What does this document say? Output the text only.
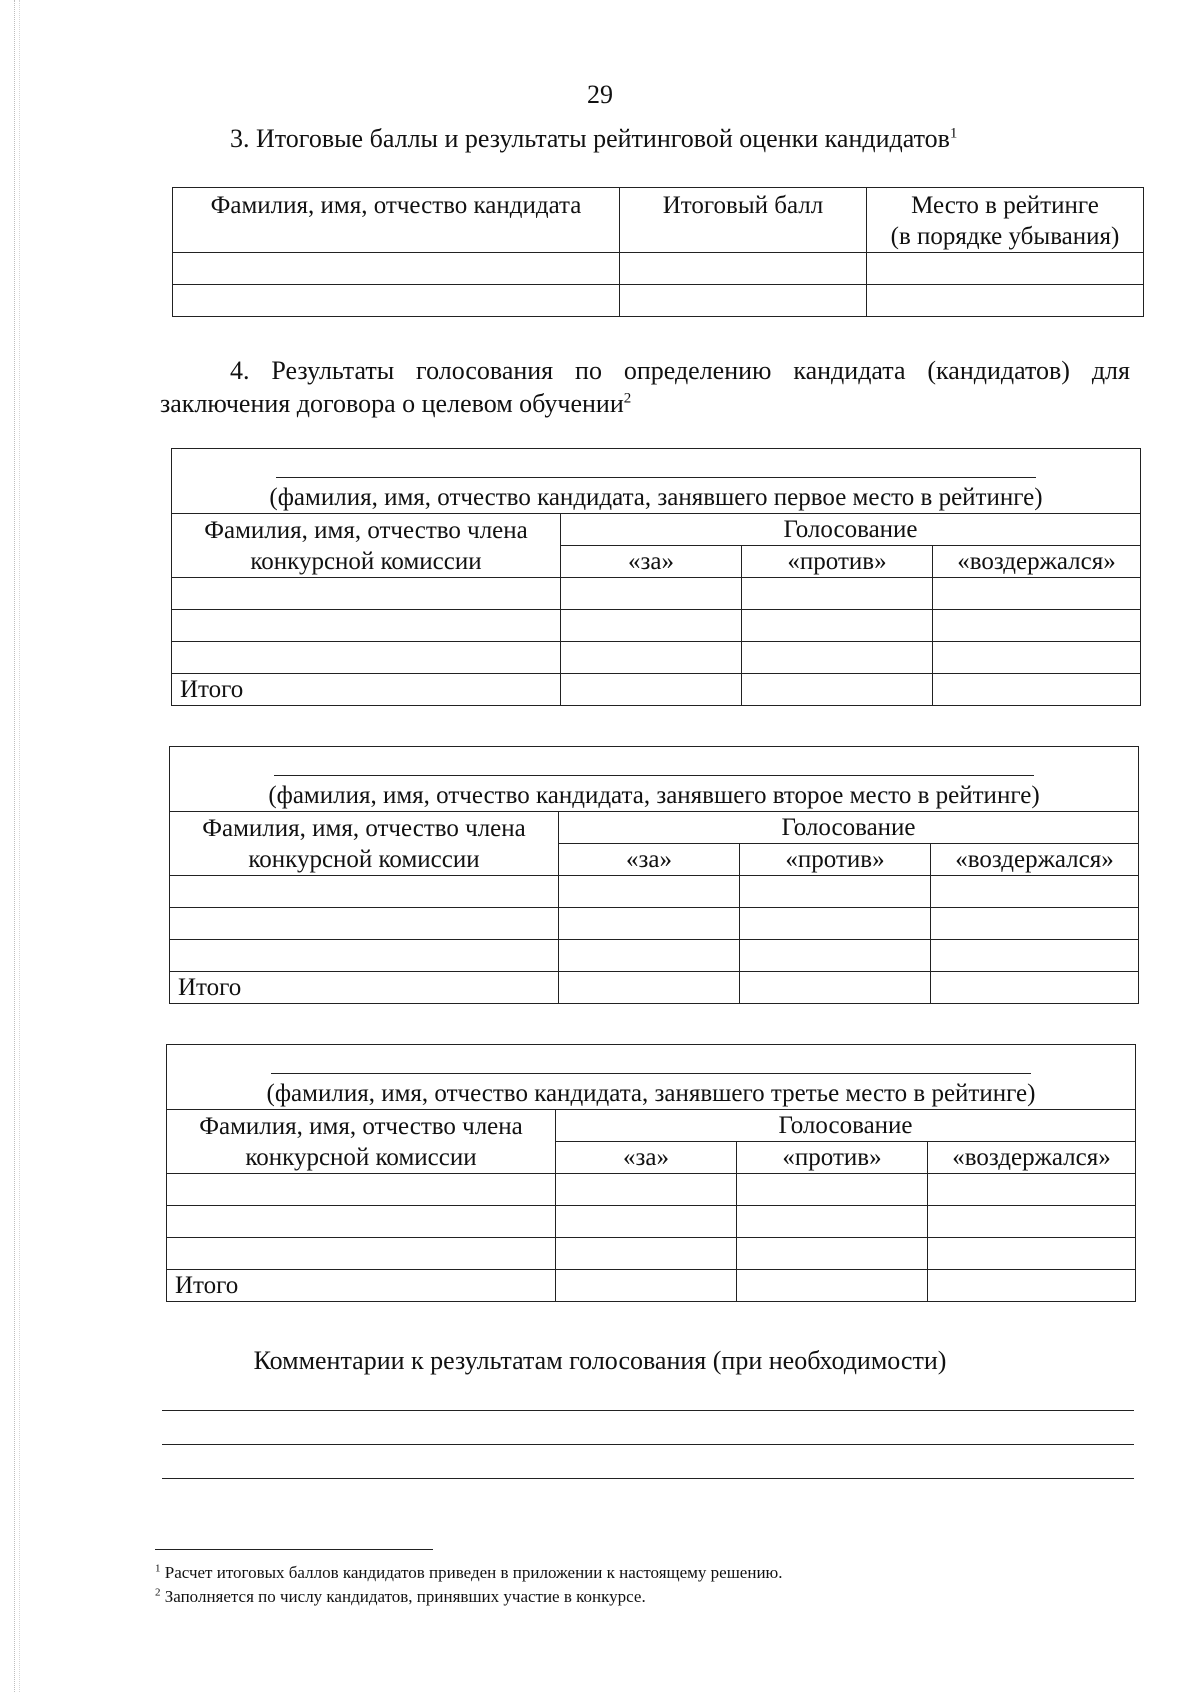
29
3. Итоговые баллы и результаты рейтинговой оценки кандидатов$^1$
Фамилия, имя, отчество кандидата	Итоговый балл	Место в рейтинге
(в порядке убывания)

4. Результаты голосования по определению кандидата (кандидатов) для
заключения договора о целевом обучении$^2$
(фамилия, имя, отчество кандидата, занявшего первое место в рейтинге)			
Фамилия, имя, отчество члена
конкурсной комиссии	Голосование		
	«за»	«против»	«воздержался»

Итого			
(фамилия, имя, отчество кандидата, занявшего второе место в рейтинге)			
Фамилия, имя, отчество члена
конкурсной комиссии	Голосование		
	«за»	«против»	«воздержался»

Итого			
(фамилия, имя, отчество кандидата, занявшего третье место в рейтинге)			
Фамилия, имя, отчество члена
конкурсной комиссии	Голосование		
	«за»	«против»	«воздержался»

Итого			
Комментарии к результатам голосования (при необходимости)
$^1$ Расчет итоговых баллов кандидатов приведен в приложении к настоящему решению.
$^2$ Заполняется по числу кандидатов, принявших участие в конкурсе.
